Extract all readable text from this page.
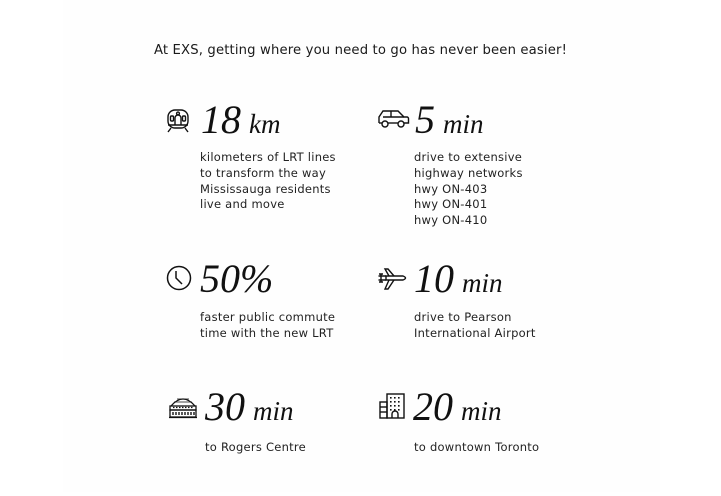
At EXS, getting where you need to go has never been easier!
18 km
kilometers of LRT lines
to transform the way
Mississauga residents
live and move
5 min
drive to extensive
highway networks
hwy ON-403
hwy ON-401
hwy ON-410
50%
faster public commute
time with the new LRT
10 min
drive to Pearson
International Airport
30 min
to Rogers Centre
20 min
to downtown Toronto
